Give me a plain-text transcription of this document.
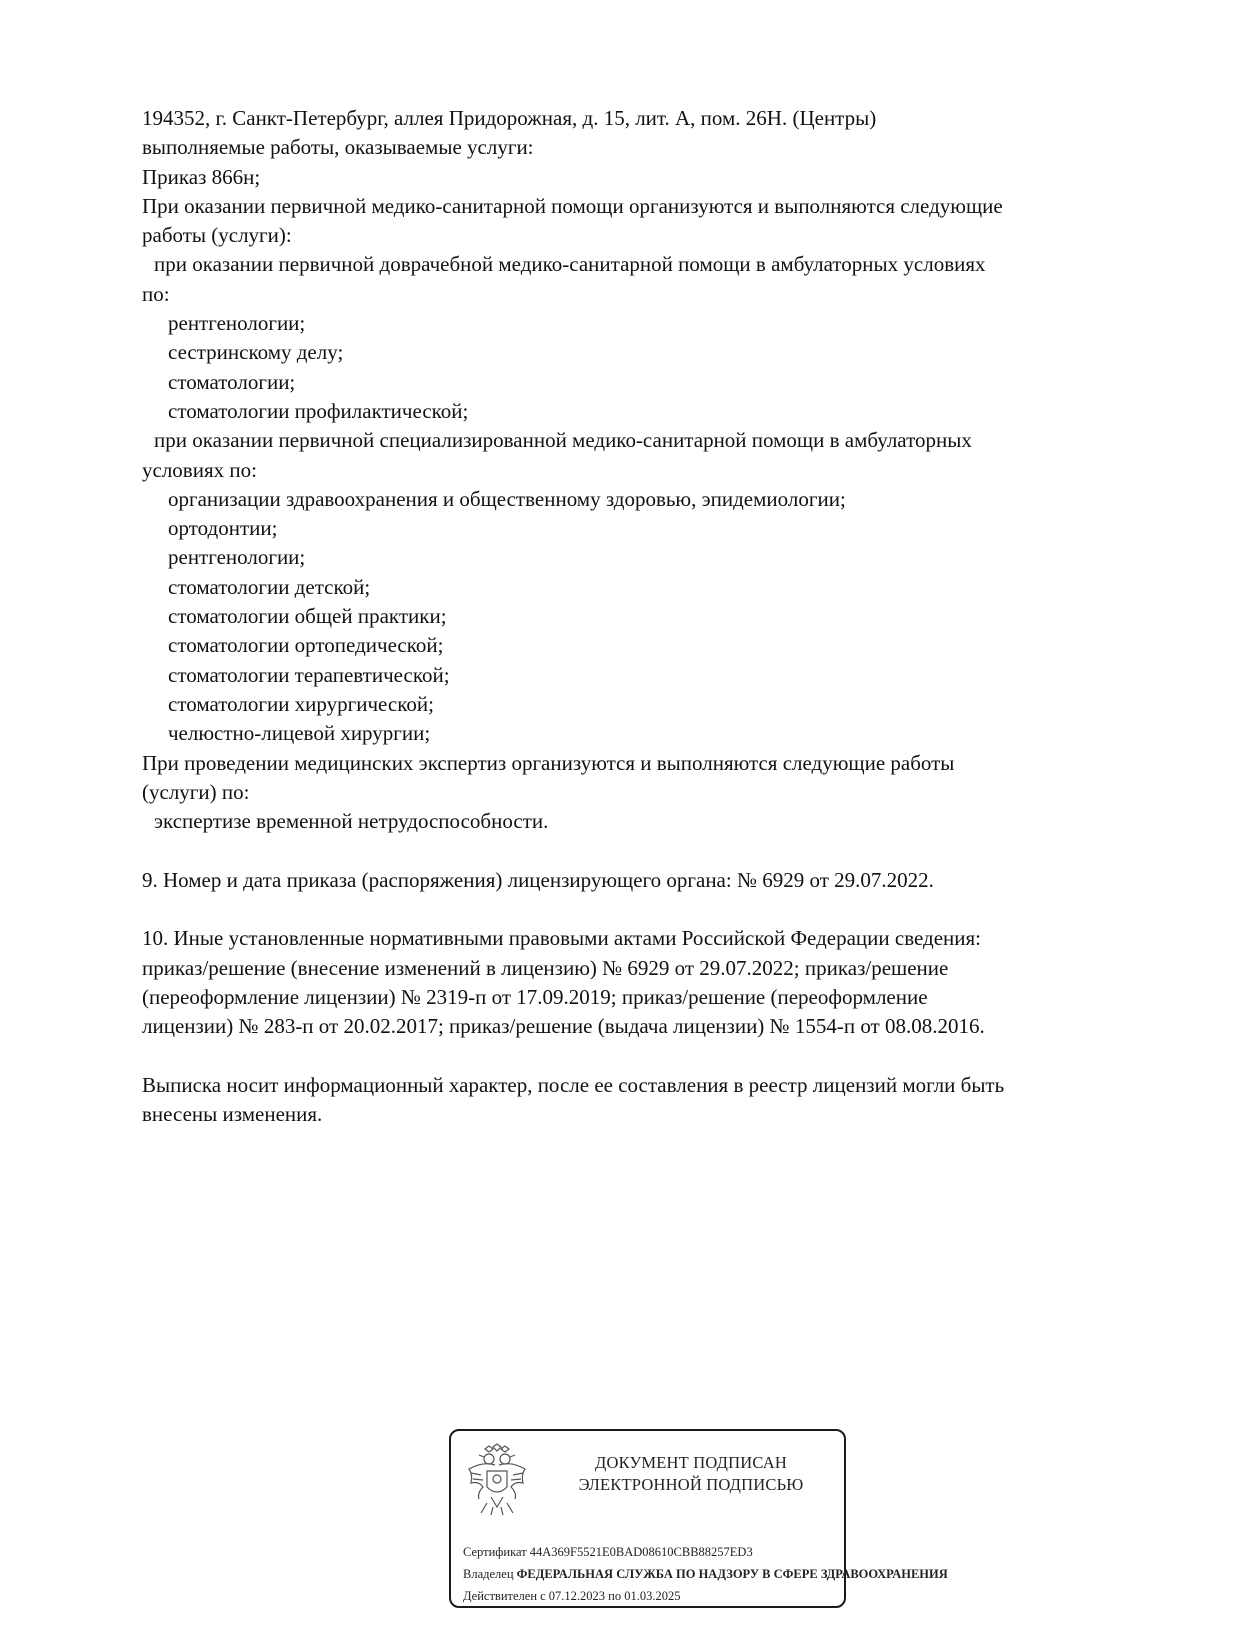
194352, г. Санкт-Петербург, аллея Придорожная, д. 15, лит. А, пом. 26Н. (Центры)
выполняемые работы, оказываемые услуги:
Приказ 866н;
При оказании первичной медико-санитарной помощи организуются и выполняются следующие
работы (услуги):
при оказании первичной доврачебной медико-санитарной помощи в амбулаторных условиях
по:
рентгенологии;
сестринскому делу;
стоматологии;
стоматологии профилактической;
при оказании первичной специализированной медико-санитарной помощи в амбулаторных
условиях по:
организации здравоохранения и общественному здоровью, эпидемиологии;
ортодонтии;
рентгенологии;
стоматологии детской;
стоматологии общей практики;
стоматологии ортопедической;
стоматологии терапевтической;
стоматологии хирургической;
челюстно-лицевой хирургии;
При проведении медицинских экспертиз организуются и выполняются следующие работы
(услуги) по:
экспертизе временной нетрудоспособности.
9. Номер и дата приказа (распоряжения) лицензирующего органа: № 6929 от 29.07.2022.
10. Иные установленные нормативными правовыми актами Российской Федерации сведения:
приказ/решение (внесение изменений в лицензию) № 6929 от 29.07.2022; приказ/решение
(переоформление лицензии) № 2319-п от 17.09.2019; приказ/решение (переоформление
лицензии) № 283-п от 20.02.2017; приказ/решение (выдача лицензии) № 1554-п от 08.08.2016.
Выписка носит информационный характер, после ее составления в реестр лицензий могли быть
внесены изменения.
ДОКУМЕНТ ПОДПИСАН
ЭЛЕКТРОННОЙ ПОДПИСЬЮ
Сертификат 44A369F5521E0BAD08610CBB88257ED3
Владелец ФЕДЕРАЛЬНАЯ СЛУЖБА ПО НАДЗОРУ В СФЕРЕ ЗДРАВООХРАНЕНИЯ
Действителен с 07.12.2023 по 01.03.2025
